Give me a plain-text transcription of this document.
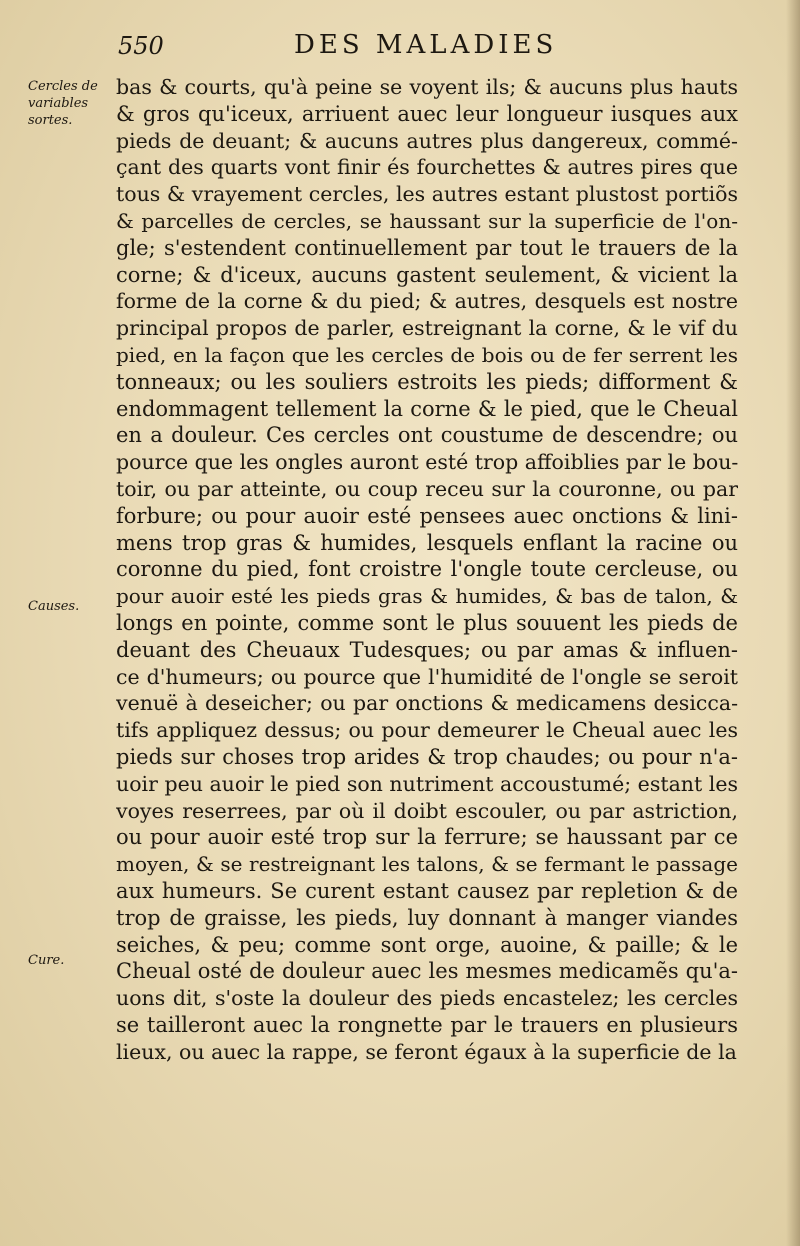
550	DES MALADIES
Cercles de
variables
sortes.
Causes.
Cure.
bas & courts, qu'à peine se voyent ils; & aucuns plus hauts
& gros qu'iceux, arriuent auec leur longueur iusques aux
pieds de deuant; & aucuns autres plus dangereux, commé-
çant des quarts vont finir és fourchettes & autres pires que
tous & vrayement cercles, les autres estant plustost portiõs
& parcelles de cercles, se haussant sur la superficie de l'on-
gle; s'estendent continuellement par tout le trauers de la
corne; & d'iceux, aucuns gastent seulement, & vicient la
forme de la corne & du pied; & autres, desquels est nostre
principal propos de parler, estreignant la corne, & le vif du
pied, en la façon que les cercles de bois ou de fer serrent les
tonneaux; ou les souliers estroits les pieds; difforment &
endommagent tellement la corne & le pied, que le Cheual
en a douleur. Ces cercles ont coustume de descendre; ou
pource que les ongles auront esté trop affoiblies par le bou-
toir, ou par atteinte, ou coup receu sur la couronne, ou par
forbure; ou pour auoir esté pensees auec onctions & lini-
mens trop gras & humides, lesquels enflant la racine ou
coronne du pied, font croistre l'ongle toute cercleuse, ou
pour auoir esté les pieds gras & humides, & bas de talon, &
longs en pointe, comme sont le plus souuent les pieds de
deuant des Cheuaux Tudesques; ou par amas & influen-
ce d'humeurs; ou pource que l'humidité de l'ongle se seroit
venuë à deseicher; ou par onctions & medicamens desicca-
tifs appliquez dessus; ou pour demeurer le Cheual auec les
pieds sur choses trop arides & trop chaudes; ou pour n'a-
uoir peu auoir le pied son nutriment accoustumé; estant les
voyes reserrees, par où il doibt escouler, ou par astriction,
ou pour auoir esté trop sur la ferrure; se haussant par ce
moyen, & se restreignant les talons, & se fermant le passage
aux humeurs. Se curent estant causez par repletion & de
trop de graisse, les pieds, luy donnant à manger viandes
seiches, & peu; comme sont orge, auoine, & paille; & le
Cheual osté de douleur auec les mesmes medicamẽs qu'a-
uons dit, s'oste la douleur des pieds encastelez; les cercles
se tailleront auec la rongnette par le trauers en plusieurs
lieux, ou auec la rappe, se feront égaux à la superficie de la
